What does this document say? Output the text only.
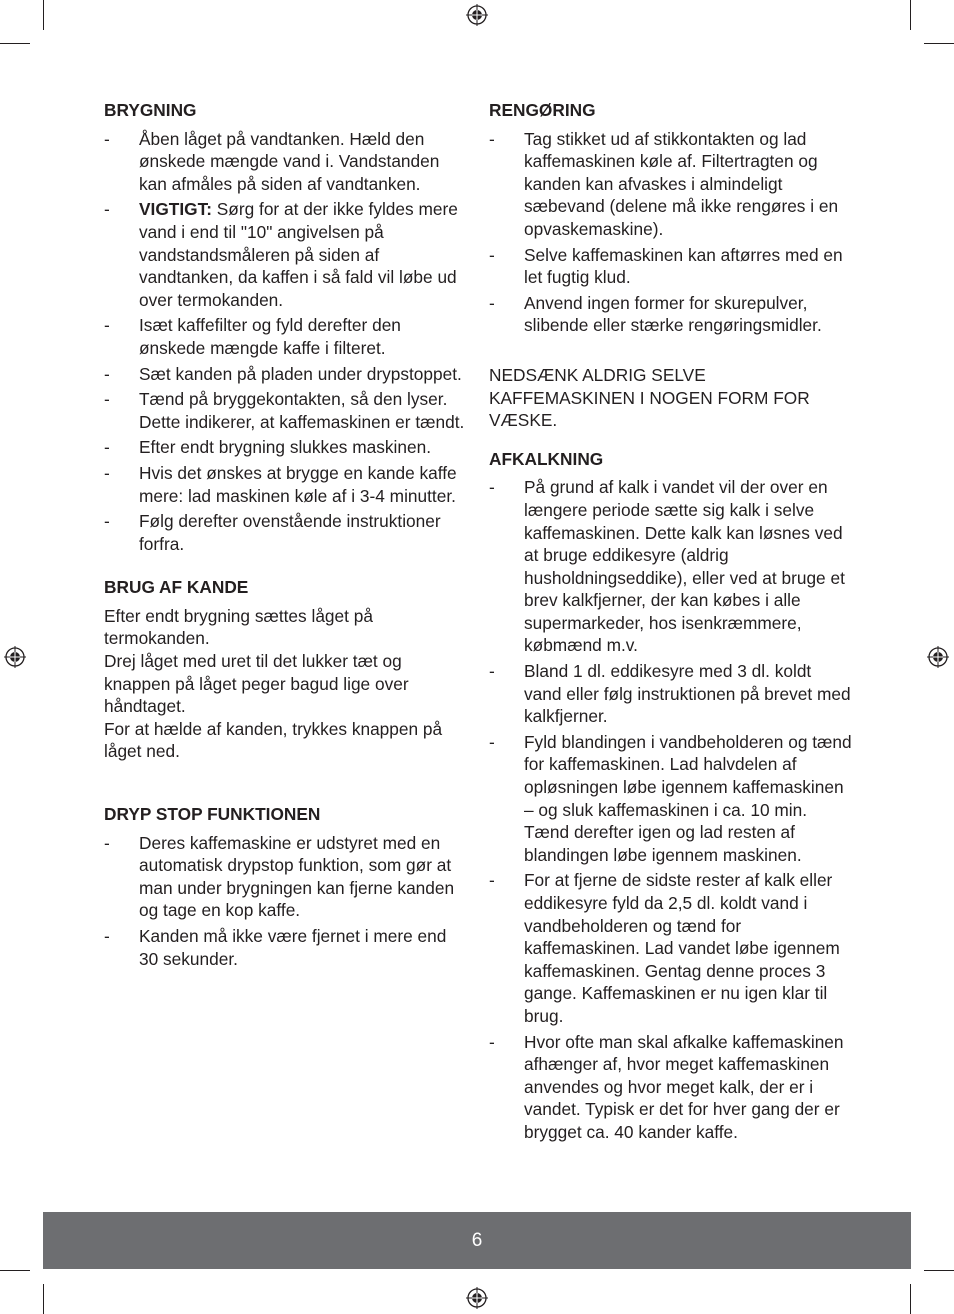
BRYGNING
- Åben låget på vandtanken. Hæld den ønskede mængde vand i. Vandstanden kan afmåles på siden af vandtanken.
- VIGTIGT: Sørg for at der ikke fyldes mere vand i end til "10" angivelsen på vandstandsmåleren på siden af vandtanken, da kaffen i så fald vil løbe ud over termokanden.
- Isæt kaffefilter og fyld derefter den ønskede mængde kaffe i filteret.
- Sæt kanden på pladen under drypstoppet.
- Tænd på bryggekontakten, så den lyser. Dette indikerer, at kaffemaskinen er tændt.
- Efter endt brygning slukkes maskinen.
- Hvis det ønskes at brygge en kande kaffe mere: lad maskinen køle af i 3-4 minutter.
- Følg derefter ovenstående instruktioner forfra.
BRUG AF KANDE

Efter endt brygning sættes låget på termokanden.

Drej låget med uret til det lukker tæt og knappen på låget peger bagud lige over håndtaget.

For at hælde af kanden, trykkes knappen på låget ned.

DRYP STOP FUNKTIONEN
- Deres kaffemaskine er udstyret med en automatisk drypstop funktion, som gør at man under brygningen kan fjerne kanden og tage en kop kaffe.
- Kanden må ikke være fjernet i mere end 30 sekunder.
RENGØRING
- Tag stikket ud af stikkontakten og lad kaffemaskinen køle af. Filtertragten og kanden kan afvaskes i almindeligt sæbevand (delene må ikke rengøres i en opvaskemaskine).
- Selve kaffemaskinen kan aftørres med en let fugtig klud.
- Anvend ingen former for skurepulver, slibende eller stærke rengøringsmidler.

NEDSÆNK ALDRIG SELVE KAFFEMASKINEN I NOGEN FORM FOR VÆSKE.

AFKALKNING
- På grund af kalk i vandet vil der over en længere periode sætte sig kalk i selve kaffemaskinen. Dette kalk kan løsnes ved at bruge eddikesyre (aldrig husholdningseddike), eller ved at bruge et brev kalkfjerner, der kan købes i alle supermarkeder, hos isenkræmmere, købmænd m.v.
- Bland 1 dl. eddikesyre med 3 dl. koldt vand eller følg instruktionen på brevet med kalkfjerner.
- Fyld blandingen i vandbeholderen og tænd for kaffemaskinen. Lad halvdelen af opløsningen løbe igennem kaffemaskinen – og sluk kaffemaskinen i ca. 10 min. Tænd derefter igen og lad resten af blandingen løbe igennem maskinen.
- For at fjerne de sidste rester af kalk eller eddikesyre fyld da 2,5 dl. koldt vand i vandbeholderen og tænd for kaffemaskinen. Lad vandet løbe igennem kaffemaskinen. Gentag denne proces 3 gange. Kaffemaskinen er nu igen klar til brug.
- Hvor ofte man skal afkalke kaffemaskinen afhænger af, hvor meget kaffemaskinen anvendes og hvor meget kalk, der er i vandet. Typisk er det for hver gang der er brygget ca. 40 kander kaffe.
6
